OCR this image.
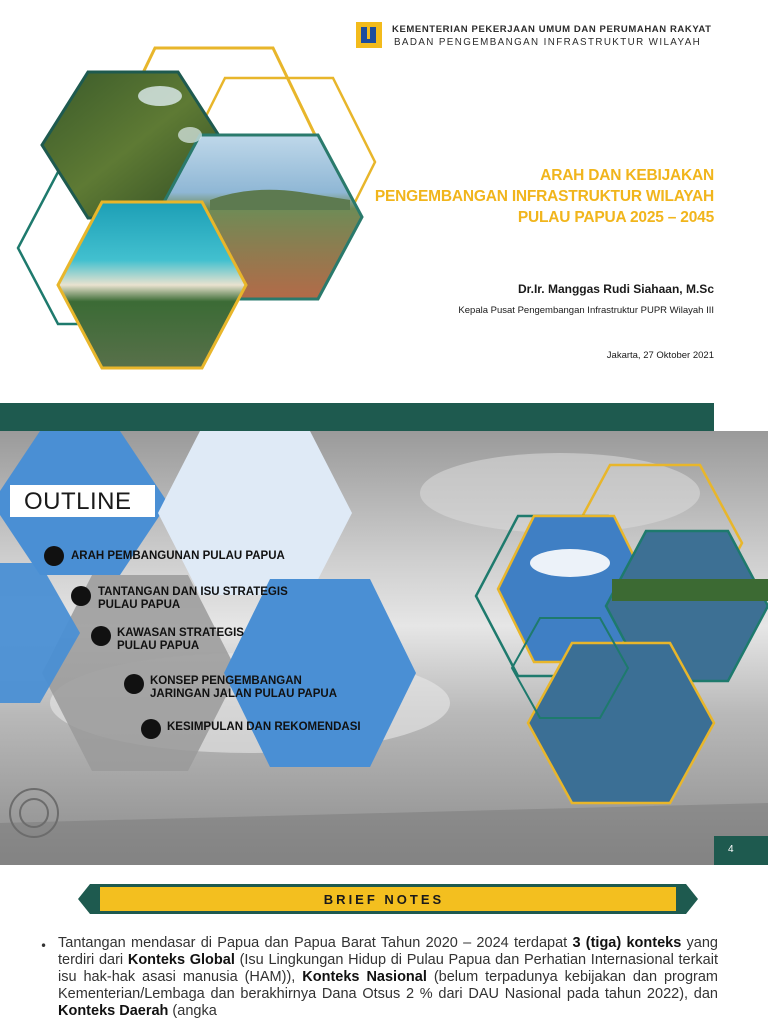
KEMENTERIAN PEKERJAAN UMUM DAN PERUMAHAN RAKYAT
BADAN PENGEMBANGAN INFRASTRUKTUR WILAYAH
ARAH DAN KEBIJAKAN
PENGEMBANGAN INFRASTRUKTUR WILAYAH
PULAU PAPUA 2025 – 2045
Dr.Ir. Manggas Rudi Siahaan, M.Sc
Kepala Pusat Pengembangan Infrastruktur PUPR Wilayah III
Jakarta, 27 Oktober 2021
OUTLINE
ARAH PEMBANGUNAN PULAU PAPUA
TANTANGAN DAN ISU STRATEGIS
PULAU PAPUA
KAWASAN STRATEGIS
PULAU PAPUA
KONSEP PENGEMBANGAN
JARINGAN JALAN PULAU PAPUA
KESIMPULAN DAN REKOMENDASI
4
BRIEF NOTES
• Tantangan mendasar di Papua dan Papua Barat Tahun 2020 – 2024 terdapat 3 (tiga) konteks yang terdiri dari Konteks Global (Isu Lingkungan Hidup di Pulau Papua dan Perhatian Internasional terkait isu hak-hak asasi manusia (HAM)), Konteks Nasional (belum terpadunya kebijakan dan program Kementerian/Lembaga dan berakhirnya Dana Otsus 2 % dari DAU Nasional pada tahun 2022), dan Konteks Daerah (angka
